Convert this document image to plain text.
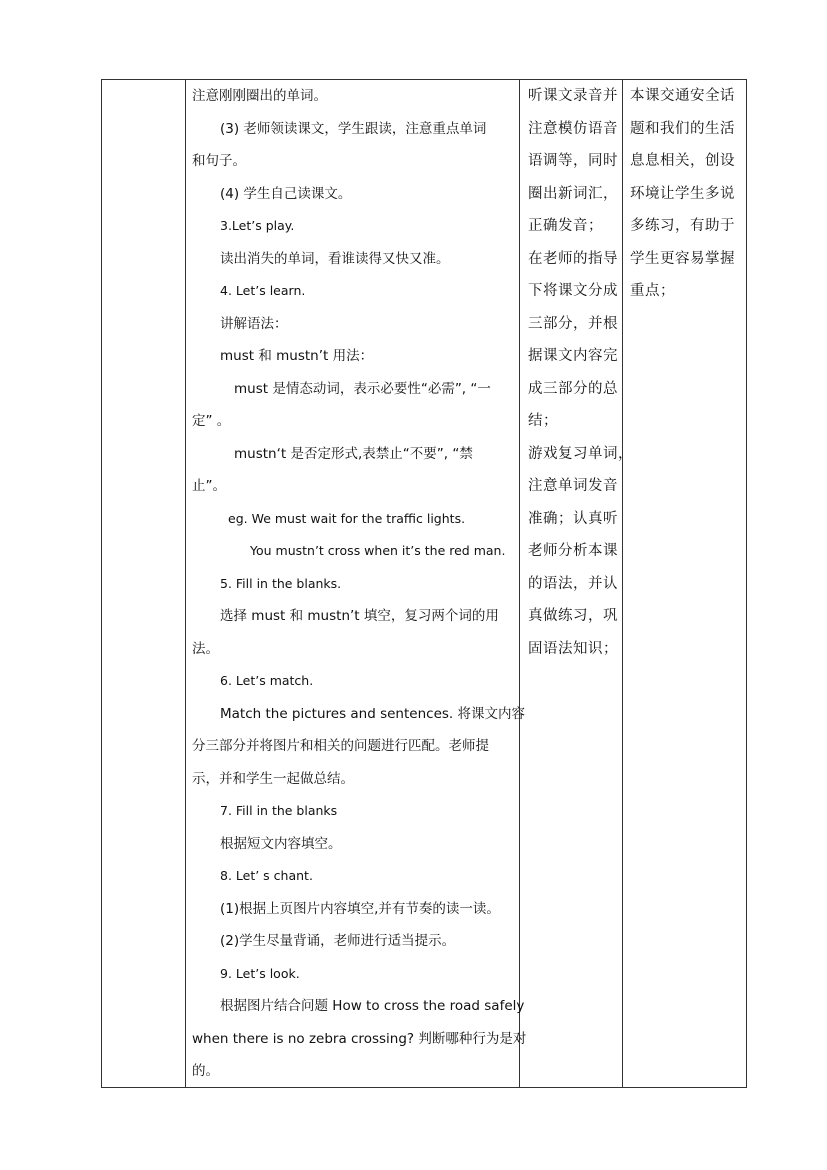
注意刚刚圈出的单词。
(3) 老师领读课文，学生跟读，注意重点单词
和句子。
(4) 学生自己读课文。
3.Let’s play.
读出消失的单词，看谁读得又快又准。
4. Let’s learn.
讲解语法：
must 和 mustn’t 用法：
must 是情态动词，表示必要性“必需”, “一
定” 。
mustn‘t 是否定形式,表禁止“不要”, “禁
止”。
eg. We must wait for the traffic lights.
You mustn’t cross when it’s the red man.
5. Fill in the blanks.
选择 must 和 mustn’t 填空，复习两个词的用
法。
6. Let’s match.
Match the pictures and sentences. 将课文内容
分三部分并将图片和相关的问题进行匹配。老师提
示，并和学生一起做总结。
7. Fill in the blanks
根据短文内容填空。
8. Let’ s chant.
(1)根据上页图片内容填空,并有节奏的读一读。
(2)学生尽量背诵，老师进行适当提示。
9. Let’s look.
根据图片结合问题 How to cross the road safely
when there is no zebra crossing? 判断哪种行为是对
的。
听课文录音并
注意模仿语音
语调等，同时
圈出新词汇，
正确发音；
在老师的指导
下将课文分成
三部分，并根
据课文内容完
成三部分的总
结；
游戏复习单词，
注意单词发音
准确；认真听
老师分析本课
的语法，并认
真做练习，巩
固语法知识；
本课交通安全话
题和我们的生活
息息相关，创设
环境让学生多说
多练习，有助于
学生更容易掌握
重点；
